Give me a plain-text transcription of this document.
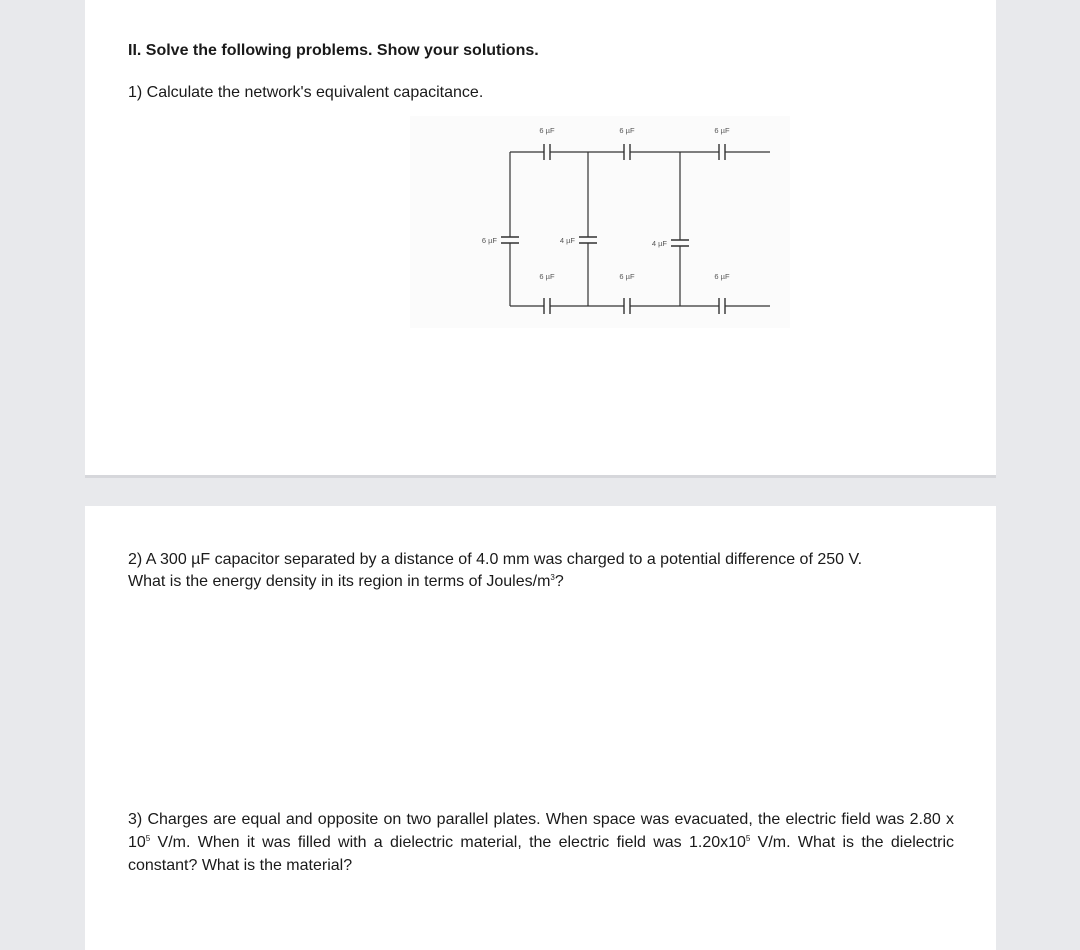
II. Solve the following problems. Show your solutions.

1) Calculate the network's equivalent capacitance.

6 µF	6 µF	6 µF
6 µF	4 µF	4 µF
6 µF	6 µF	6 µF

2) A 300 µF capacitor separated by a distance of 4.0 mm was charged to a potential difference of 250 V.
What is the energy density in its region in terms of Joules/$m^3$?

3) Charges are equal and opposite on two parallel plates. When space was evacuated, the electric field was 2.80 x $10^5$ V/m. When it was filled with a dielectric material, the electric field was $1.20x10^5$ V/m. What is the dielectric constant? What is the material?
